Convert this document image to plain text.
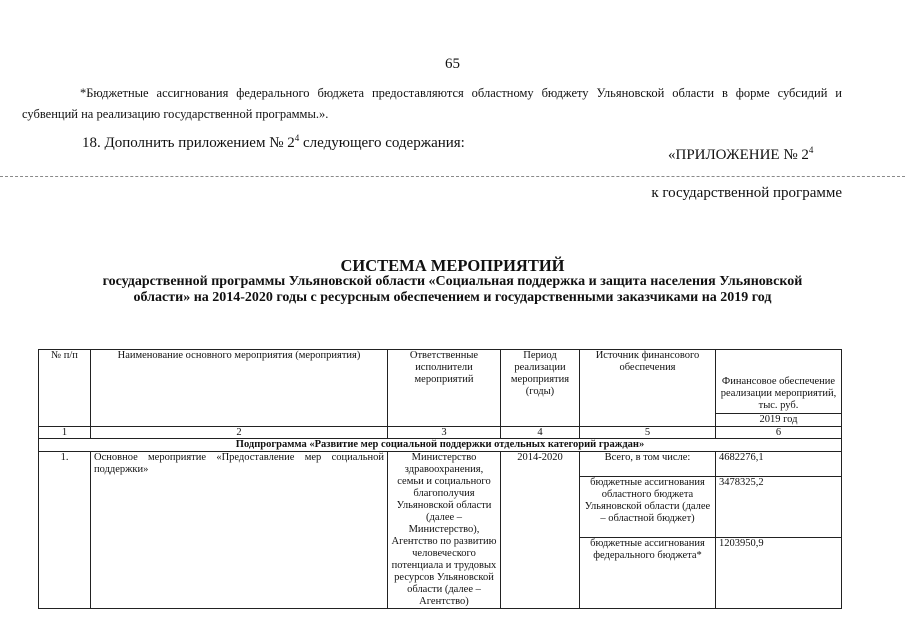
65
*Бюджетные ассигнования федерального бюджета предоставляются областному бюджету Ульяновской области в форме субсидий и субвенций на реализацию государственной программы.».
18. Дополнить приложением № $2^4$ следующего содержания:
«ПРИЛОЖЕНИЕ № $2^4$
к государственной программе
СИСТЕМА МЕРОПРИЯТИЙ
государственной программы Ульяновской области «Социальная поддержка и защита населения Ульяновской области» на 2014-2020 годы с ресурсным обеспечением и государственными заказчиками на 2019 год
№ п/п	Наименование основного мероприятия (мероприятия)	Ответственные исполнители мероприятий	Период реализации мероприятия (годы)	Источник финансового обеспечения	Финансовое обеспечение реализации мероприятий, тыс. руб.
2019 год

1	2	3	4	5	6
Подпрограмма «Развитие мер социальной поддержки отдельных категорий граждан»					
1.	Основное мероприятие «Предоставление мер социальной поддержки»	Министерство здравоохранения, семьи и социального благополучия Ульяновской области (далее – Министерство), Агентство по развитию человеческого потенциала и трудовых ресурсов Ульяновской области (далее – Агентство)	2014-2020	Всего, в том числе:	4682276,1
				бюджетные ассигнования областного бюджета Ульяновской области (далее – областной бюджет)	3478325,2
				бюджетные ассигнования федерального бюджета*	1203950,9
